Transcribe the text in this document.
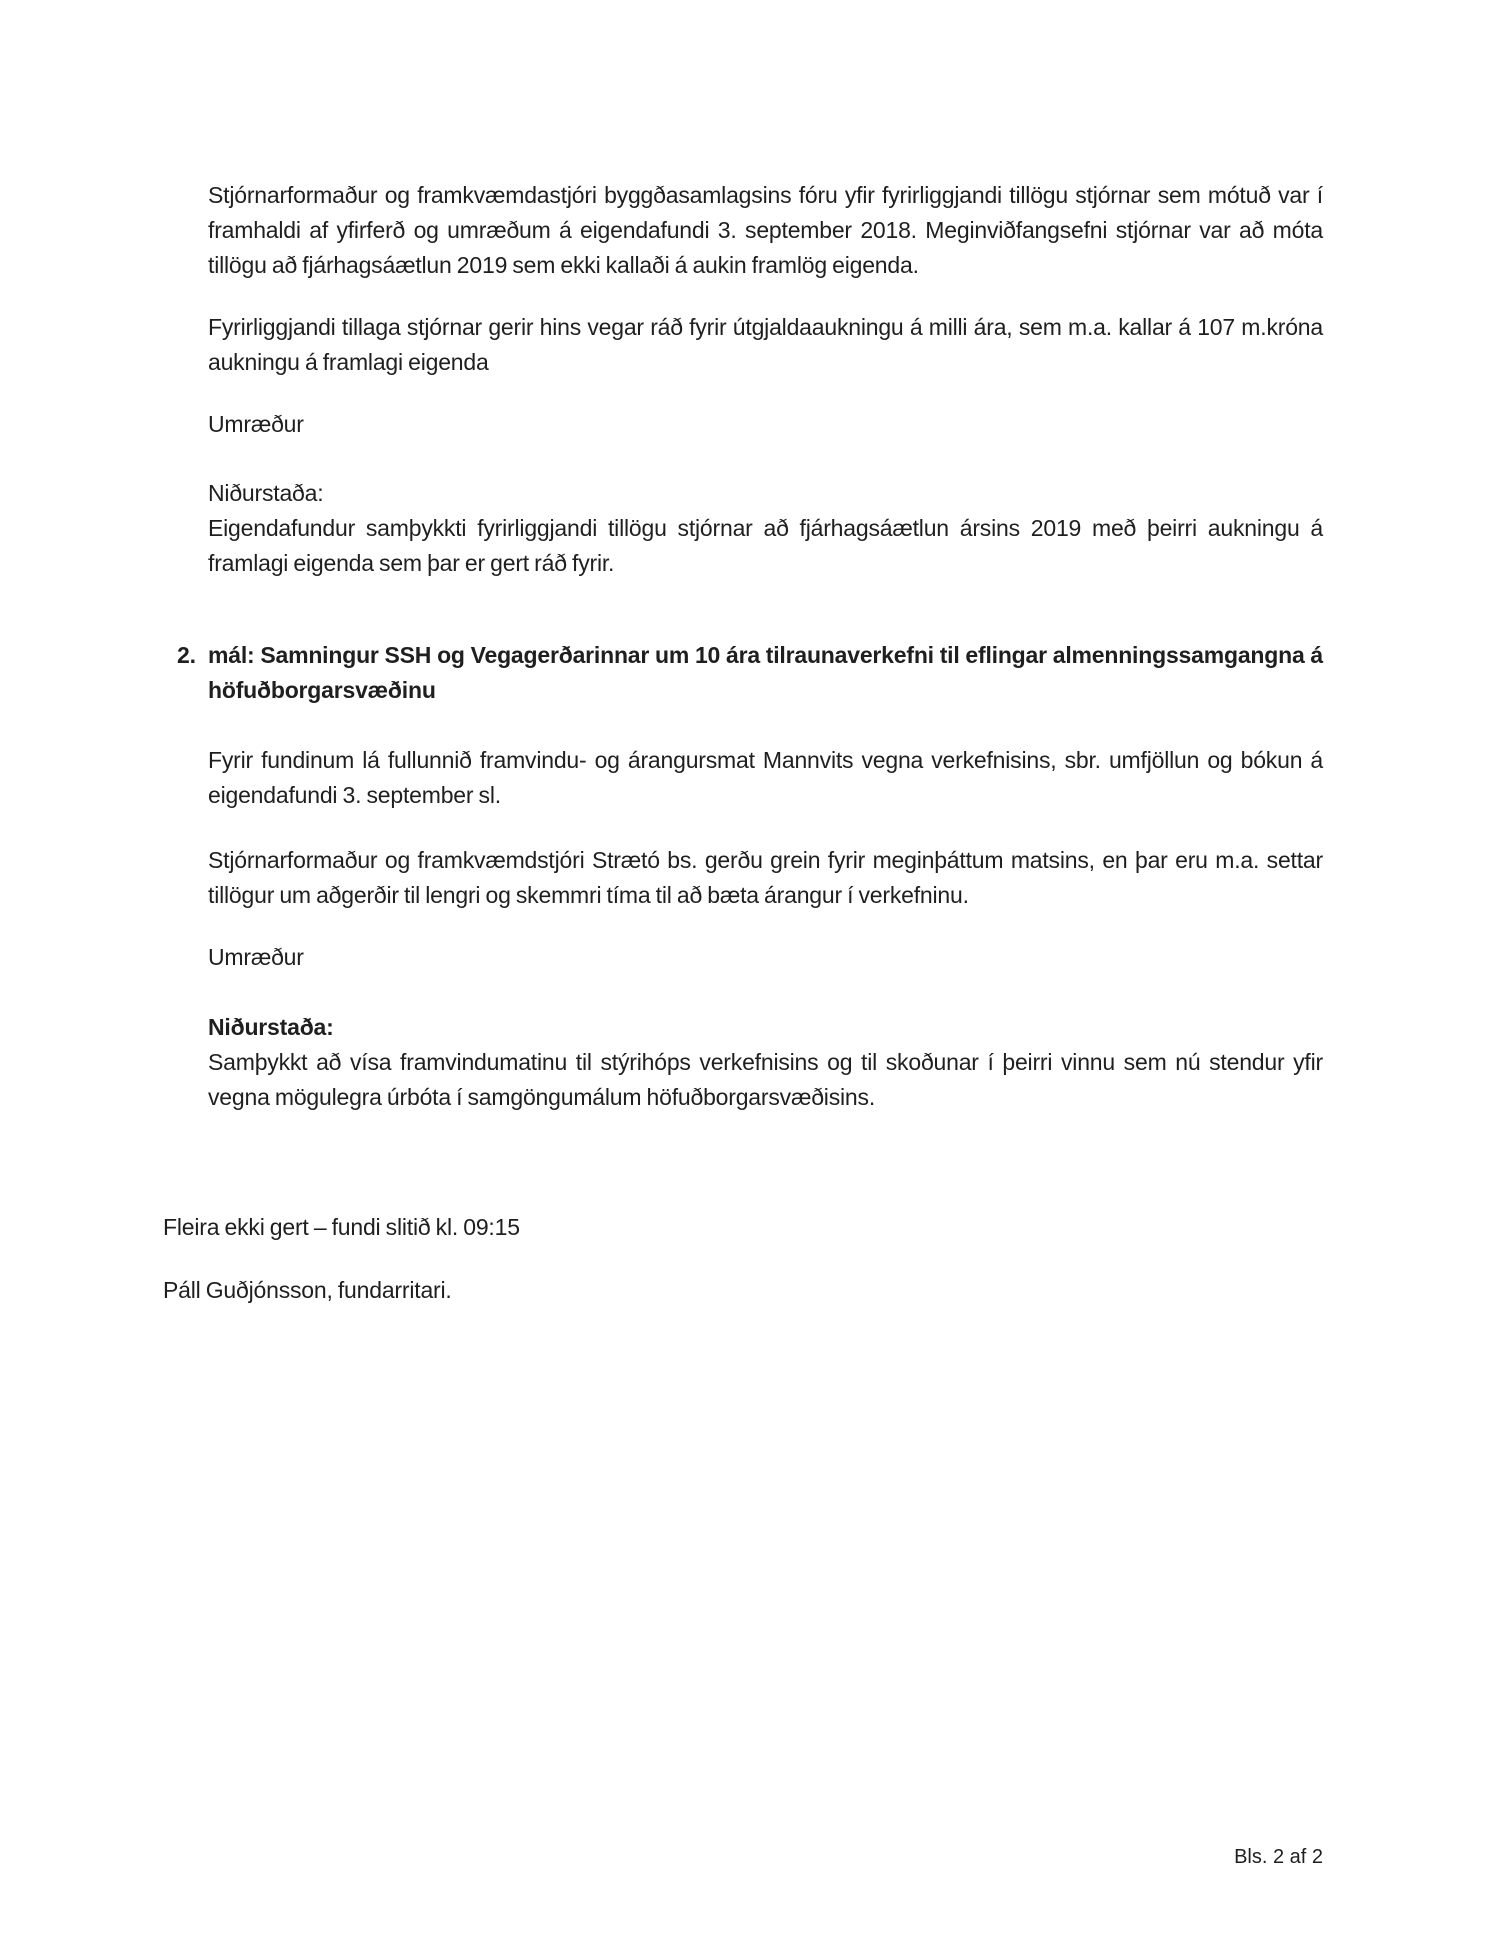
Stjórnarformaður og framkvæmdastjóri byggðasamlagsins fóru yfir fyrirliggjandi tillögu stjórnar sem mótuð var í framhaldi af yfirferð og umræðum á eigendafundi 3. september 2018. Meginviðfangsefni stjórnar var að móta tillögu að fjárhagsáætlun 2019 sem ekki kallaði á aukin framlög eigenda.
Fyrirliggjandi tillaga stjórnar gerir hins vegar ráð fyrir útgjaldaaukningu á milli ára, sem m.a. kallar á 107 m.króna aukningu á framlagi eigenda
Umræður
Niðurstaða:
Eigendafundur samþykkti fyrirliggjandi tillögu stjórnar að fjárhagsáætlun ársins 2019 með þeirri aukningu á framlagi eigenda sem þar er gert ráð fyrir.
2. mál: Samningur SSH og Vegagerðarinnar um 10 ára tilraunaverkefni til eflingar almenningssamgangna á höfuðborgarsvæðinu
Fyrir fundinum lá fullunnið framvindu- og árangursmat Mannvits vegna verkefnisins, sbr. umfjöllun og bókun á eigendafundi 3. september sl.
Stjórnarformaður og framkvæmdstjóri Strætó bs. gerðu grein fyrir meginþáttum matsins, en þar eru m.a. settar tillögur um aðgerðir til lengri og skemmri tíma til að bæta árangur í verkefninu.
Umræður
Niðurstaða:
Samþykkt að vísa framvindumatinu til stýrihóps verkefnisins og til skoðunar í þeirri vinnu sem nú stendur yfir vegna mögulegra úrbóta í samgöngumálum höfuðborgarsvæðisins.
Fleira ekki gert – fundi slitið kl. 09:15
Páll Guðjónsson, fundarritari.
Bls. 2 af 2
